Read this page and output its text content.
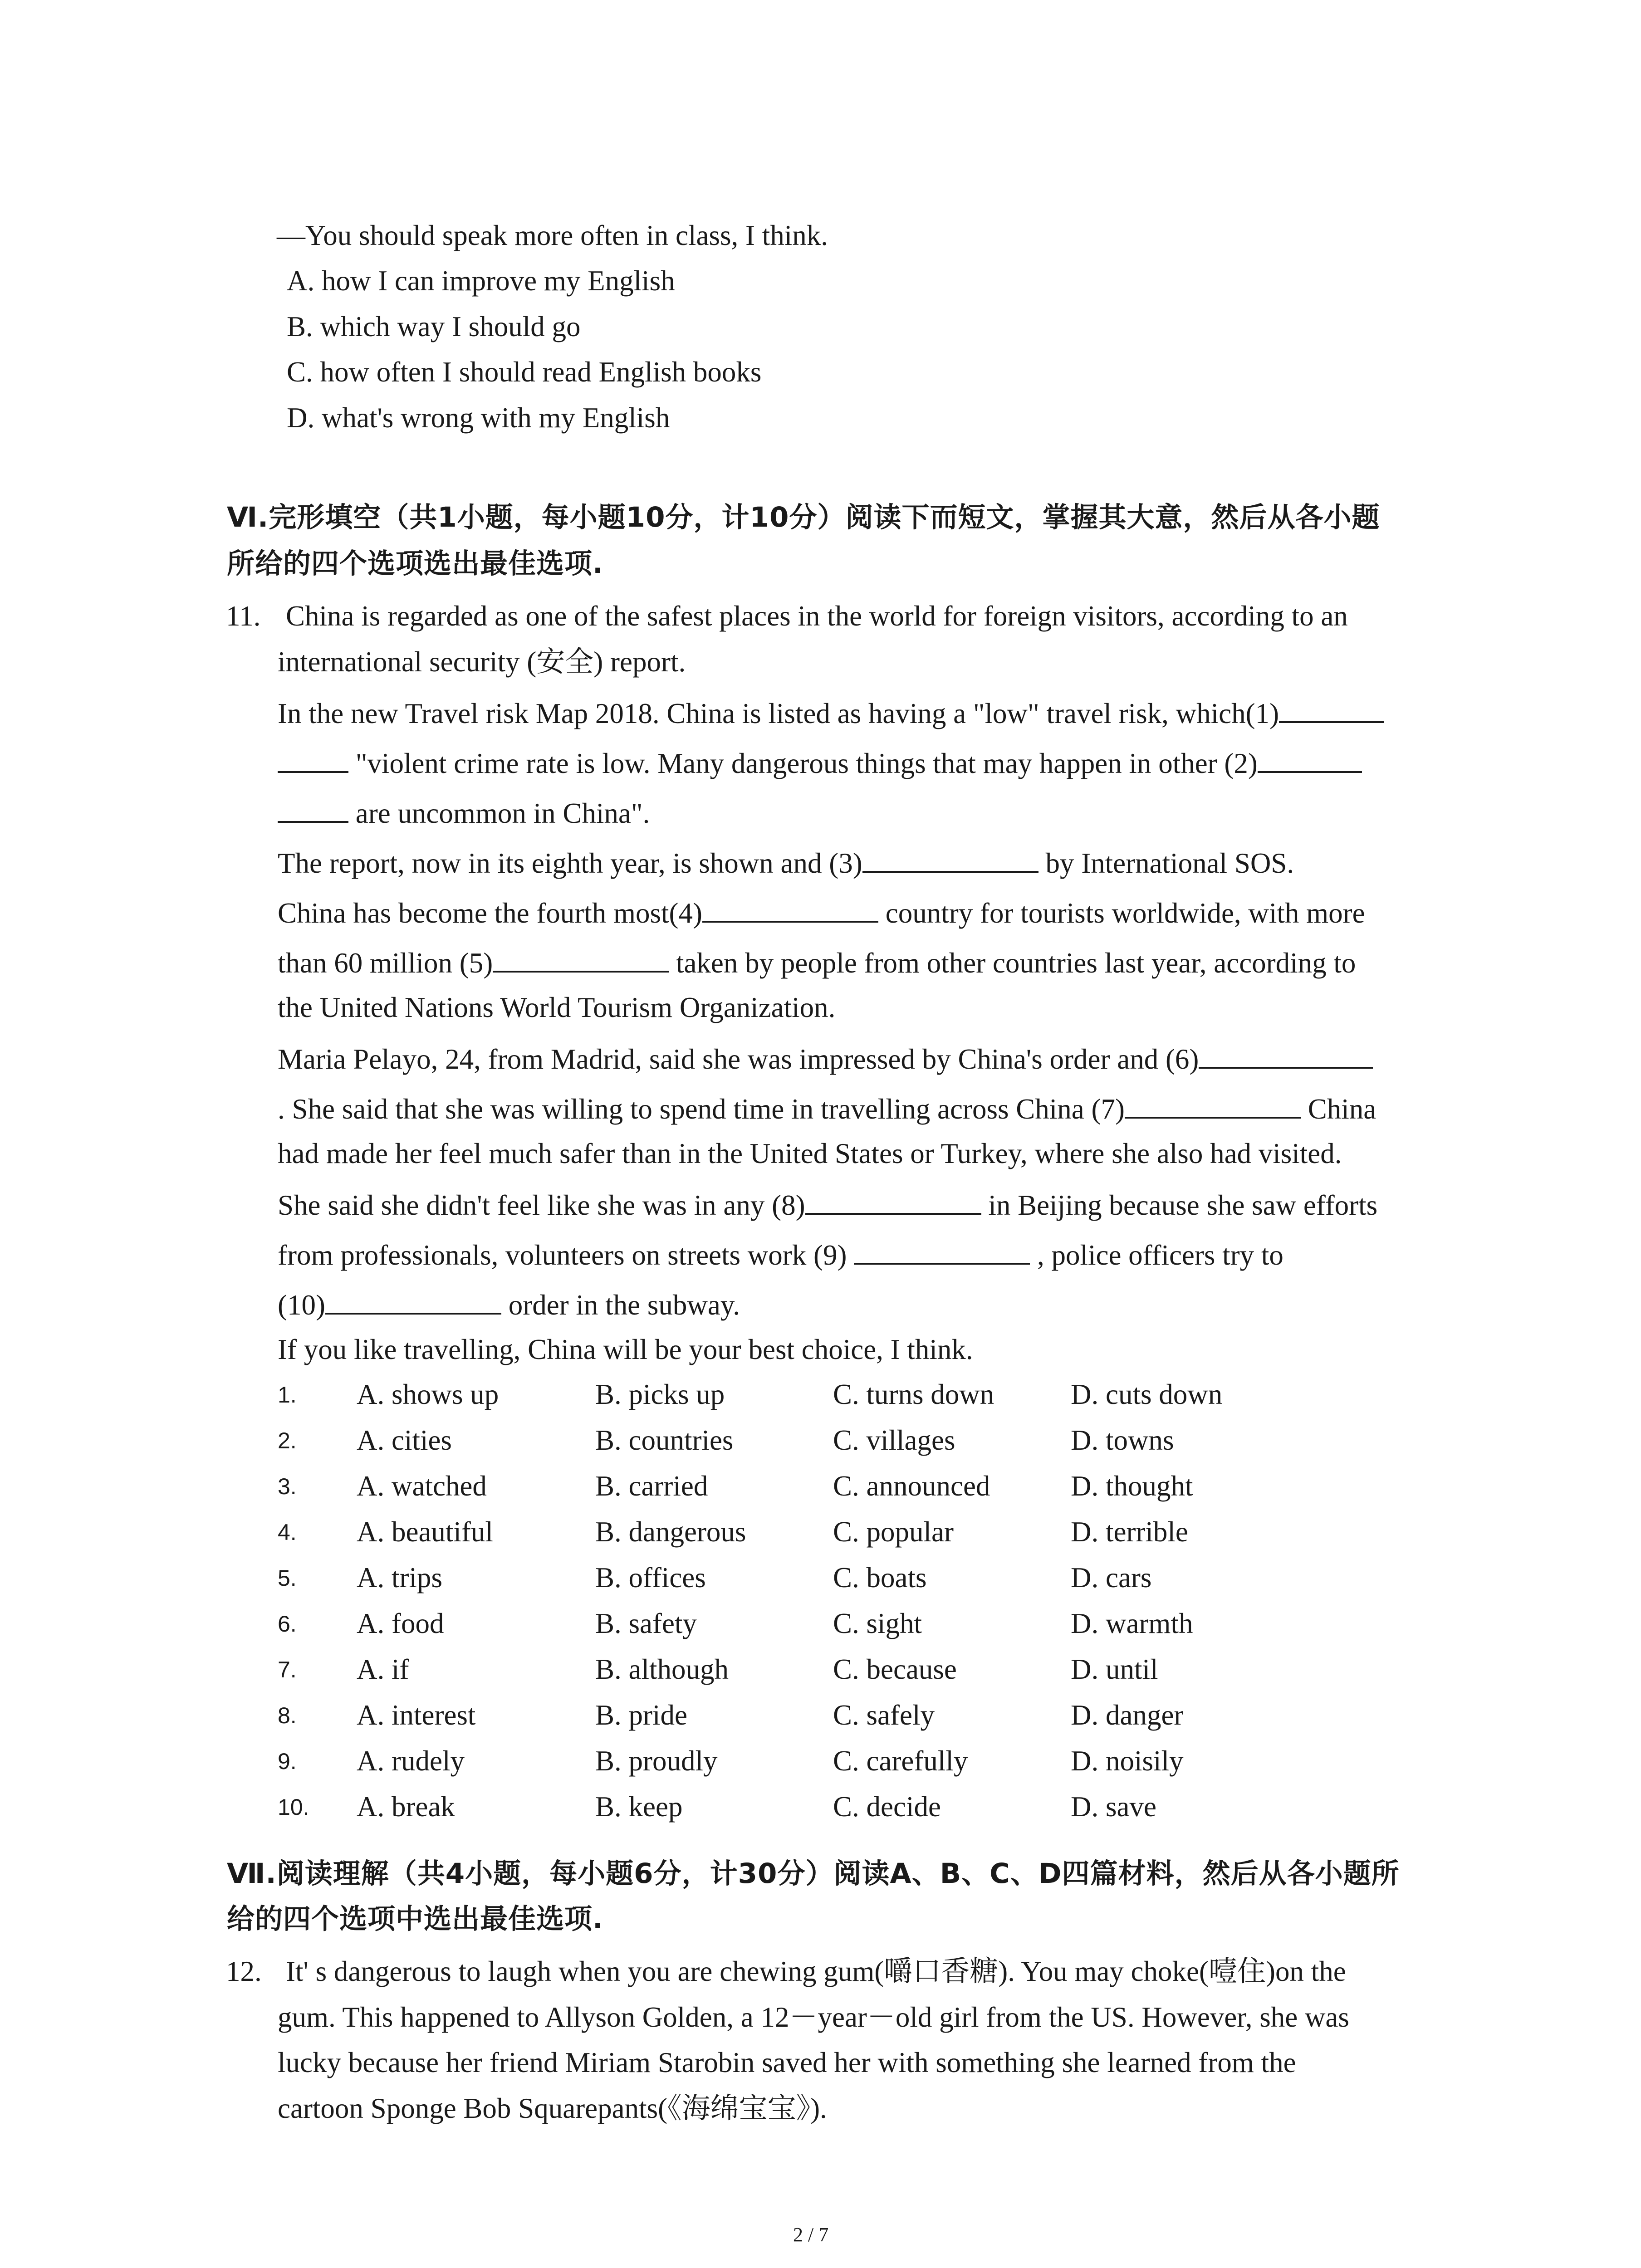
—You should speak more often in class, I think.
A. how I can improve my English
B. which way I should go
C. how often I should read English books
D. what's wrong with my English
Ⅵ.完形填空（共1小题，每小题10分，计10分）阅读下而短文，掌握其大意，然后从各小题
所给的四个选项选出最佳选项.
11. China is regarded as one of the safest places in the world for foreign visitors, according to an
international security (安全) report.
In the new Travel risk Map 2018. China is listed as having a "low" travel risk, which(1)
"violent crime rate is low. Many dangerous things that may happen in other (2)
are uncommon in China".
The report, now in its eighth year, is shown and (3)	by International SOS.
China has become the fourth most(4)	country for tourists worldwide, with more
than 60 million (5)	taken by people from other countries last year, according to
the United Nations World Tourism Organization.
Maria Pelayo, 24, from Madrid, said she was impressed by China's order and (6)
. She said that she was willing to spend time in travelling across China (7)	China
had made her feel much safer than in the United States or Turkey, where she also had visited.
She said she didn't feel like she was in any (8)	in Beijing because she saw efforts
from professionals, volunteers on streets work (9)	, police officers try to
(10)	order in the subway.
If you like travelling, China will be your best choice, I think.
1. A. shows up	B. picks up	C. turns down	D. cuts down
2. A. cities	B. countries	C. villages	D. towns
3. A. watched	B. carried	C. announced	D. thought
4. A. beautiful	B. dangerous	C. popular	D. terrible
5. A. trips	B. offices	C. boats	D. cars
6. A. food	B. safety	C. sight	D. warmth
7. A. if	B. although	C. because	D. until
8. A. interest	B. pride	C. safely	D. danger
9. A. rudely	B. proudly	C. carefully	D. noisily
10. A. break	B. keep	C. decide	D. save
Ⅶ.阅读理解（共4小题，每小题6分，计30分）阅读A、B、C、D四篇材料，然后从各小题所
给的四个选项中选出最佳选项.
12. It' s dangerous to laugh when you are chewing gum(嚼口香糖). You may choke(噎住)on the
gum. This happened to Allyson Golden, a 12－year－old girl from the US. However, she was
lucky because her friend Miriam Starobin saved her with something she learned from the
cartoon Sponge Bob Squarepants(《海绵宝宝》).
2 / 7
